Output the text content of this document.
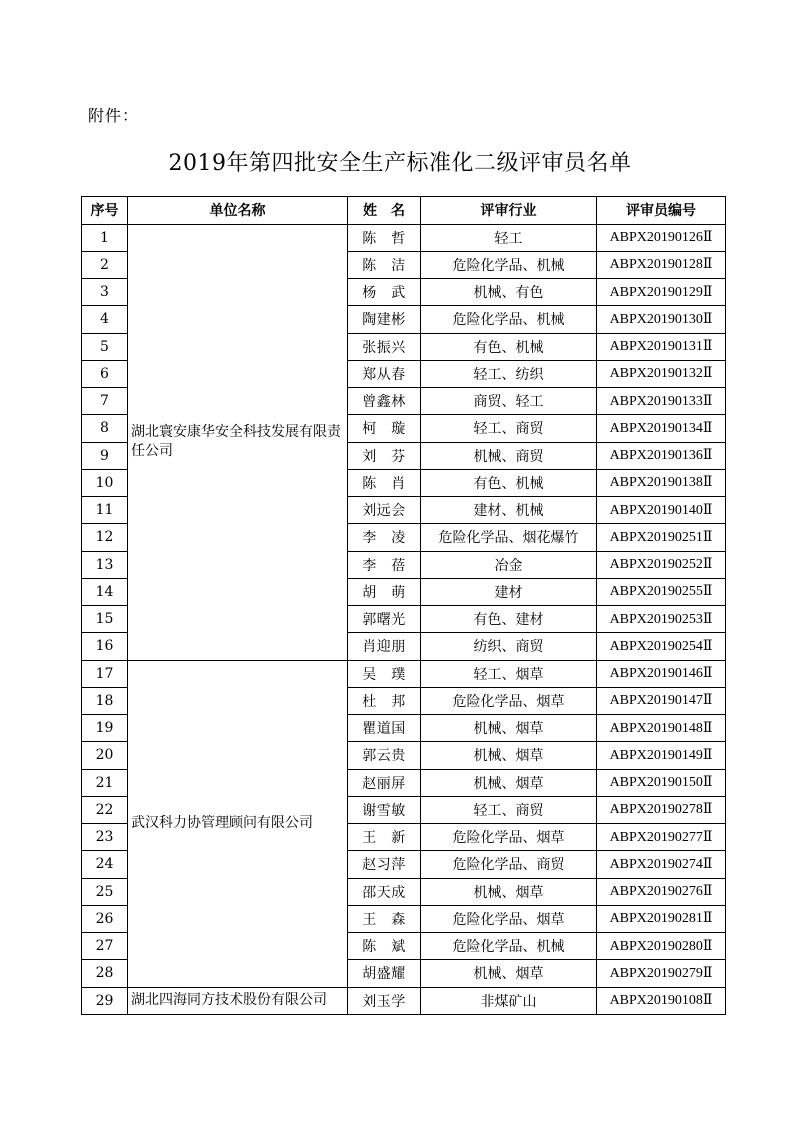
附件：
2019年第四批安全生产标准化二级评审员名单
序号	单位名称	姓　名	评审行业	评审员编号
1	湖北寰安康华安全科技发展有限责任公司	陈　哲	轻工	ABPX20190126Ⅱ
2		陈　洁	危险化学品、机械	ABPX20190128Ⅱ
3		杨　武	机械、有色	ABPX20190129Ⅱ
4		陶建彬	危险化学品、机械	ABPX20190130Ⅱ
5		张振兴	有色、机械	ABPX20190131Ⅱ
6		郑从春	轻工、纺织	ABPX20190132Ⅱ
7		曾鑫林	商贸、轻工	ABPX20190133Ⅱ
8		柯　璇	轻工、商贸	ABPX20190134Ⅱ
9		刘　芬	机械、商贸	ABPX20190136Ⅱ
10		陈　肖	有色、机械	ABPX20190138Ⅱ
11		刘远会	建材、机械	ABPX20190140Ⅱ
12		李　凌	危险化学品、烟花爆竹	ABPX20190251Ⅱ
13		李　蓓	冶金	ABPX20190252Ⅱ
14		胡　萌	建材	ABPX20190255Ⅱ
15		郭曙光	有色、建材	ABPX20190253Ⅱ
16		肖迎朋	纺织、商贸	ABPX20190254Ⅱ
17	武汉科力协管理顾问有限公司	吴　璞	轻工、烟草	ABPX20190146Ⅱ
18		杜　邦	危险化学品、烟草	ABPX20190147Ⅱ
19		瞿道国	机械、烟草	ABPX20190148Ⅱ
20		郭云贵	机械、烟草	ABPX20190149Ⅱ
21		赵丽屏	机械、烟草	ABPX20190150Ⅱ
22		谢雪敏	轻工、商贸	ABPX20190278Ⅱ
23		王　新	危险化学品、烟草	ABPX20190277Ⅱ
24		赵习萍	危险化学品、商贸	ABPX20190274Ⅱ
25		邵天成	机械、烟草	ABPX20190276Ⅱ
26		王　森	危险化学品、烟草	ABPX20190281Ⅱ
27		陈　斌	危险化学品、机械	ABPX20190280Ⅱ
28		胡盛耀	机械、烟草	ABPX20190279Ⅱ
29	湖北四海同方技术股份有限公司	刘玉学	非煤矿山	ABPX20190108Ⅱ
